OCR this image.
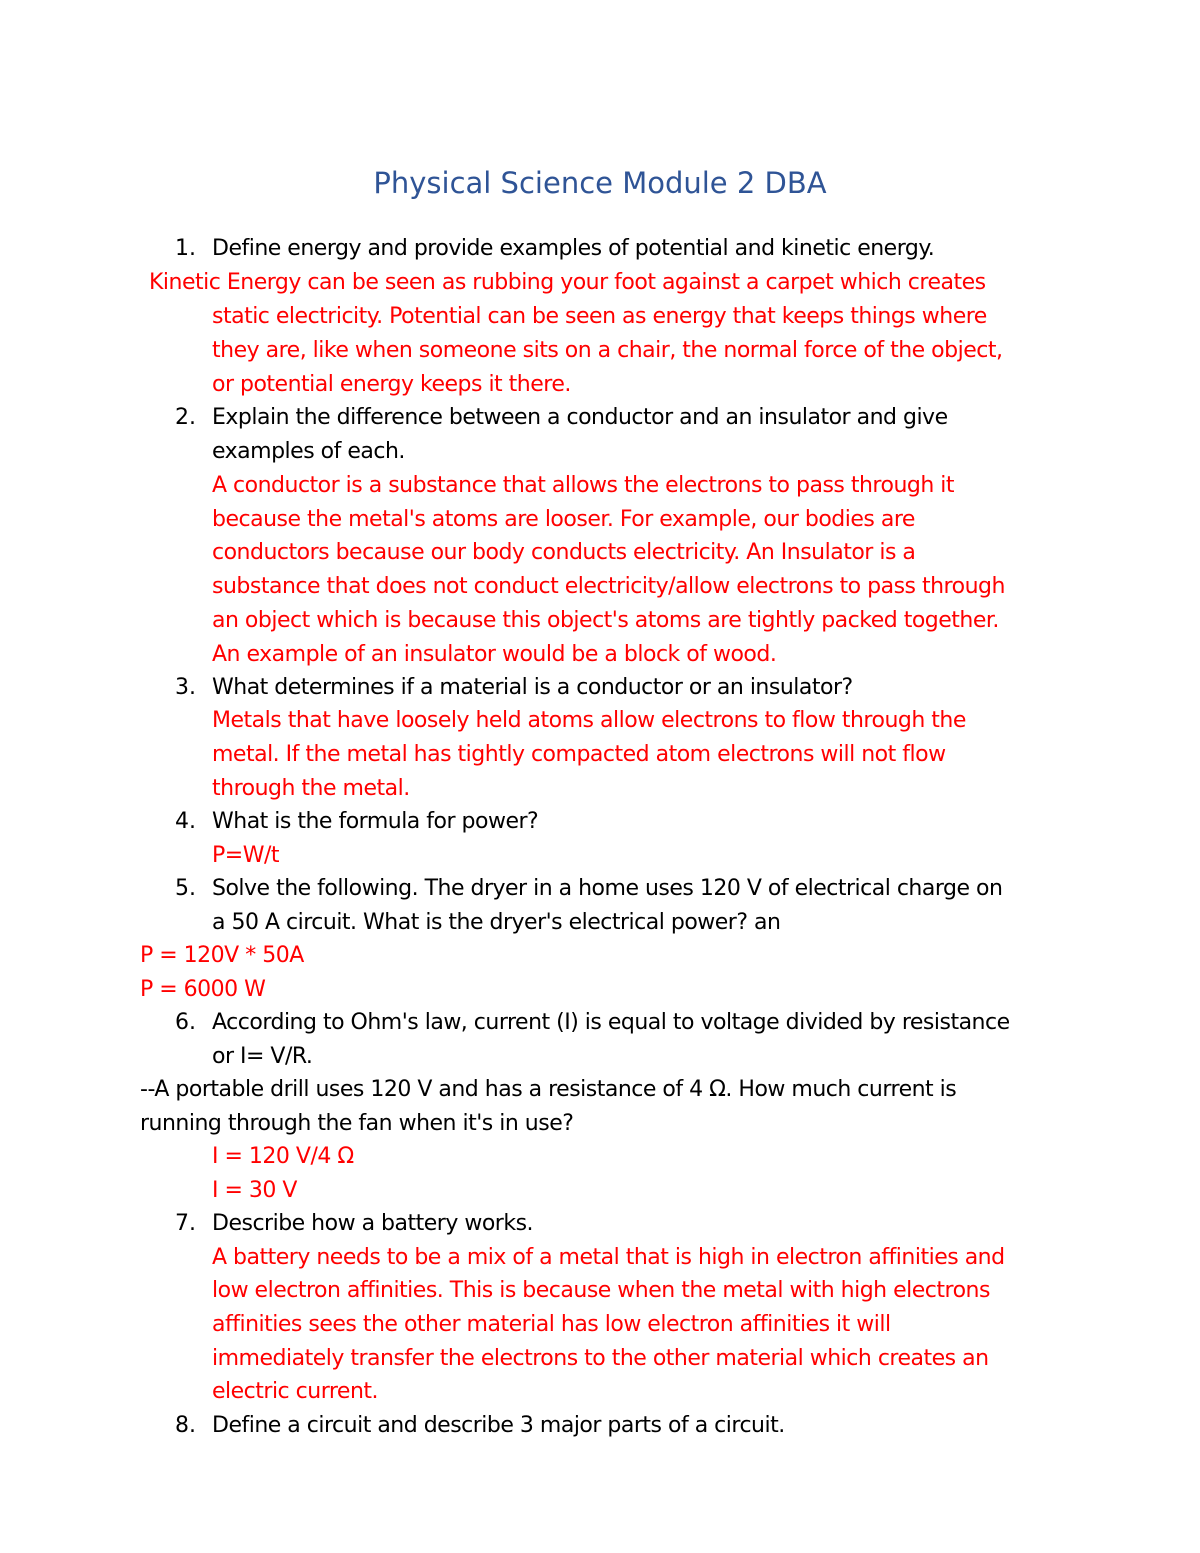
Physical Science Module 2 DBA
1. Define energy and provide examples of potential and kinetic energy.
Kinetic Energy can be seen as rubbing your foot against a carpet which creates
static electricity. Potential can be seen as energy that keeps things where
they are, like when someone sits on a chair, the normal force of the object,
or potential energy keeps it there.
2. Explain the difference between a conductor and an insulator and give
examples of each.
A conductor is a substance that allows the electrons to pass through it
because the metal's atoms are looser. For example, our bodies are
conductors because our body conducts electricity. An Insulator is a
substance that does not conduct electricity/allow electrons to pass through
an object which is because this object's atoms are tightly packed together.
An example of an insulator would be a block of wood.
3. What determines if a material is a conductor or an insulator?
Metals that have loosely held atoms allow electrons to flow through the
metal. If the metal has tightly compacted atom electrons will not flow
through the metal.
4. What is the formula for power?
P=W/t
5. Solve the following. The dryer in a home uses 120 V of electrical charge on
a 50 A circuit. What is the dryer's electrical power? an
P = 120V * 50A
P = 6000 W
6. According to Ohm's law, current (I) is equal to voltage divided by resistance
or I= V/R.
--A portable drill uses 120 V and has a resistance of 4 Ω. How much current is
running through the fan when it's in use?
I = 120 V/4 Ω
I = 30 V
7. Describe how a battery works.
A battery needs to be a mix of a metal that is high in electron affinities and
low electron affinities. This is because when the metal with high electrons
affinities sees the other material has low electron affinities it will
immediately transfer the electrons to the other material which creates an
electric current.
8. Define a circuit and describe 3 major parts of a circuit.
